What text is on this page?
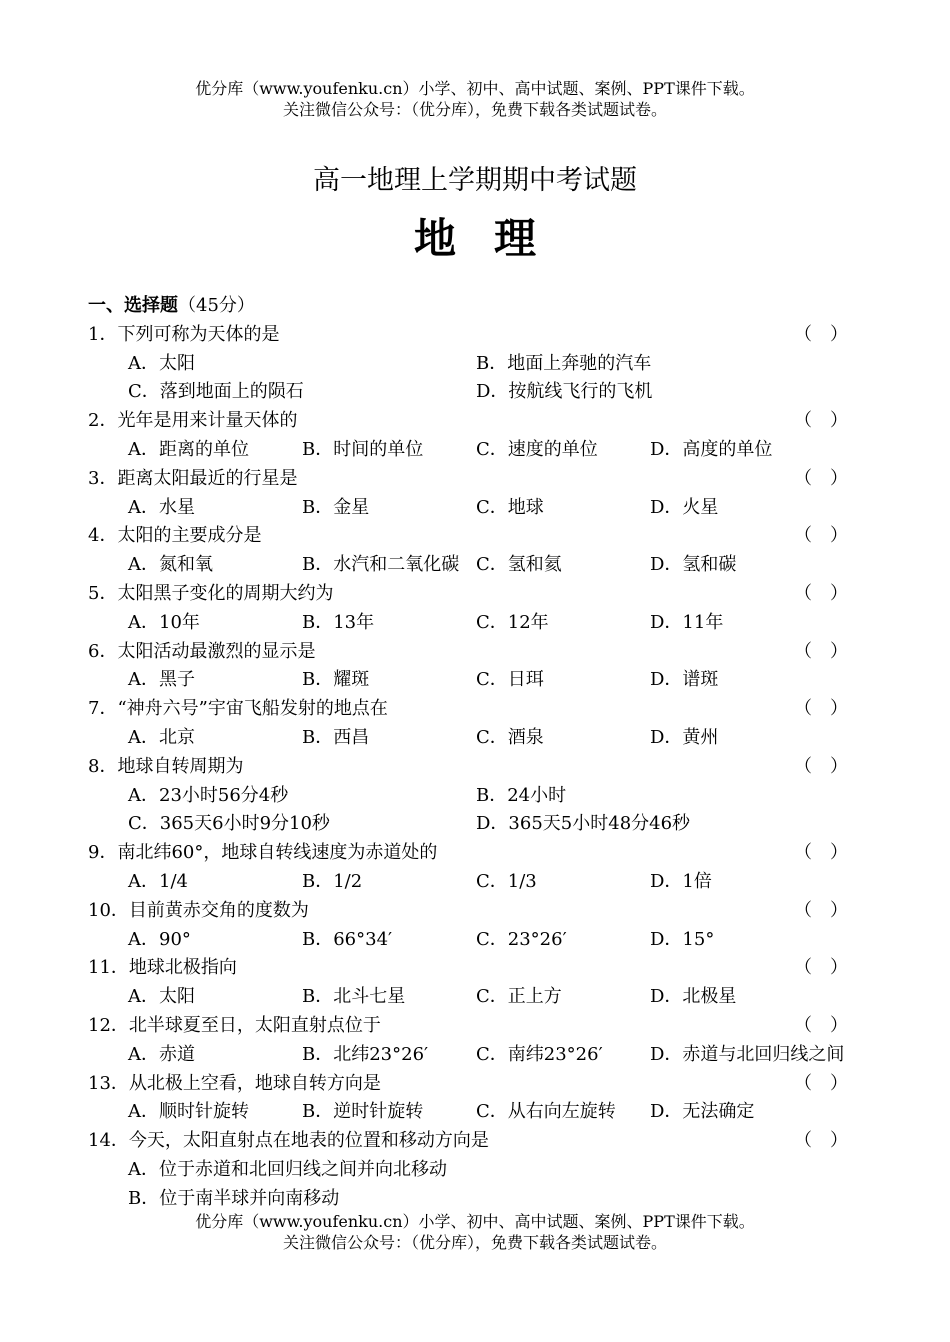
优分库（www.youfenku.cn）小学、初中、高中试题、案例、PPT课件下载。
关注微信公众号：（优分库），免费下载各类试题试卷。
高一地理上学期期中考试题
地理
一、选择题（45分）
1．下列可称为天体的是	（　）
A．太阳	B．地面上奔驰的汽车
C．落到地面上的陨石	D．按航线飞行的飞机
2．光年是用来计量天体的	（　）
A．距离的单位	B．时间的单位	C．速度的单位	D．高度的单位
3．距离太阳最近的行星是	（　）
A．水星	B．金星	C．地球	D．火星
4．太阳的主要成分是	（　）
A．氮和氧	B．水汽和二氧化碳 C．氢和氦	D．氢和碳
5．太阳黑子变化的周期大约为	（　）
A．10年	B．13年	C．12年	D．11年
6．太阳活动最激烈的显示是	（　）
A．黑子	B．耀斑	C．日珥	D．谱斑
7．“神舟六号”宇宙飞船发射的地点在	（　）
A．北京	B．西昌	C．酒泉	D．黄州
8．地球自转周期为	（　）
A．23小时56分4秒	B．24小时
C．365天6小时9分10秒	D．365天5小时48分46秒
9．南北纬60°，地球自转线速度为赤道处的	（　）
A．1/4	B．1/2	C．1/3	D．1倍
10．目前黄赤交角的度数为	（　）
A．90°	B．66°34′	C．23°26′	D．15°
11．地球北极指向	（　）
A．太阳	B．北斗七星	C．正上方	D．北极星
12．北半球夏至日，太阳直射点位于	（　）
A．赤道	B．北纬23°26′	C．南纬23°26′	D．赤道与北回归线之间
13．从北极上空看，地球自转方向是	（　）
A．顺时针旋转	B．逆时针旋转	C．从右向左旋转 D．无法确定
14．今天，太阳直射点在地表的位置和移动方向是	（　）
A．位于赤道和北回归线之间并向北移动
B．位于南半球并向南移动
优分库（www.youfenku.cn）小学、初中、高中试题、案例、PPT课件下载。
关注微信公众号：（优分库），免费下载各类试题试卷。
